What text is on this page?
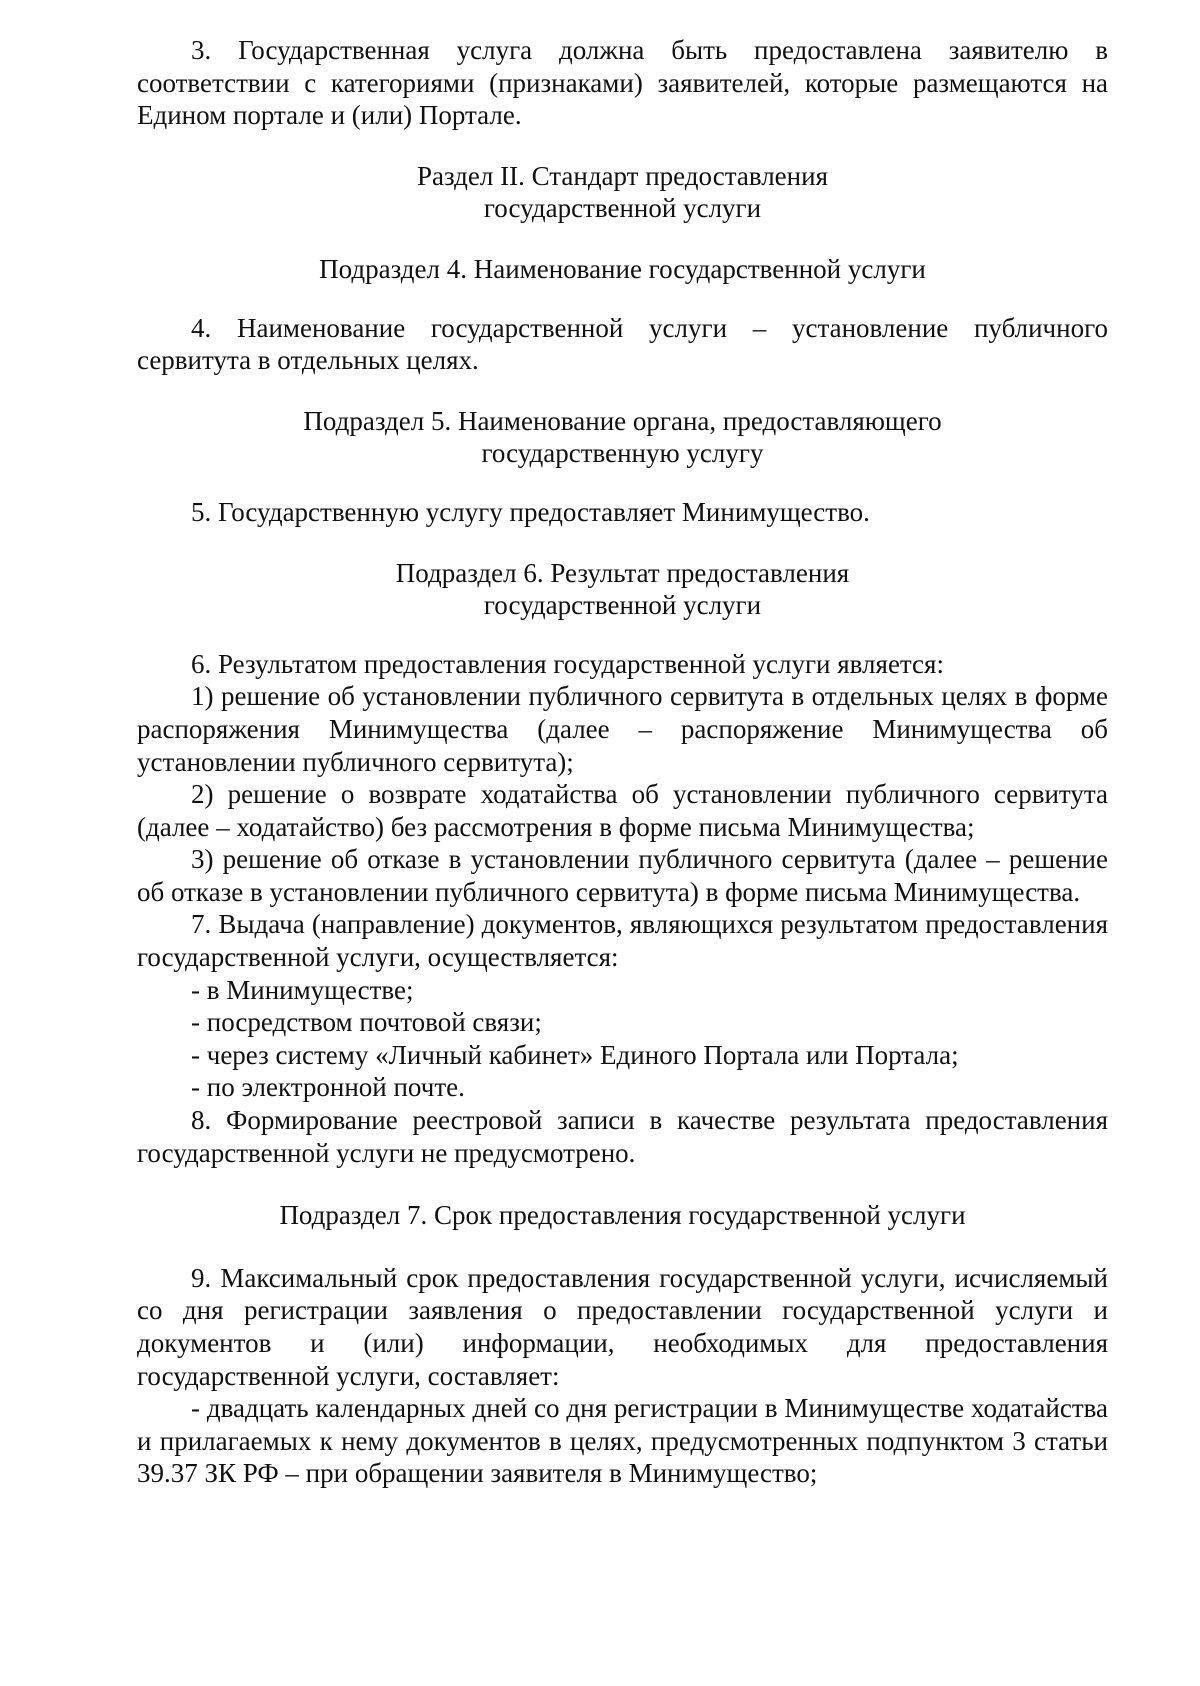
3. Государственная услуга должна быть предоставлена заявителю в соответствии с категориями (признаками) заявителей, которые размещаются на Едином портале и (или) Портале.

Раздел II. Стандарт предоставления

государственной услуги

Подраздел 4. Наименование государственной услуги

4. Наименование государственной услуги – установление публичного сервитута в отдельных целях.

Подраздел 5. Наименование органа, предоставляющего

государственную услугу

5. Государственную услугу предоставляет Минимущество.

Подраздел 6. Результат предоставления

государственной услуги

6. Результатом предоставления государственной услуги является:

1) решение об установлении публичного сервитута в отдельных целях в форме распоряжения Минимущества (далее – распоряжение Минимущества об установлении публичного сервитута);

2) решение о возврате ходатайства об установлении публичного сервитута (далее – ходатайство) без рассмотрения в форме письма Минимущества;

3) решение об отказе в установлении публичного сервитута (далее – решение об отказе в установлении публичного сервитута) в форме письма Минимущества.

7. Выдача (направление) документов, являющихся результатом предоставления государственной услуги, осуществляется:

- в Минимуществе;

- посредством почтовой связи;

- через систему «Личный кабинет» Единого Портала или Портала;

- по электронной почте.

8. Формирование реестровой записи в качестве результата предоставления государственной услуги не предусмотрено.

Подраздел 7. Срок предоставления государственной услуги

9. Максимальный срок предоставления государственной услуги, исчисляемый со дня регистрации заявления о предоставлении государственной услуги и документов и (или) информации, необходимых для предоставления государственной услуги, составляет:

- двадцать календарных дней со дня регистрации в Минимуществе ходатайства и прилагаемых к нему документов в целях, предусмотренных подпунктом 3 статьи 39.37 ЗК РФ – при обращении заявителя в Минимущество;
